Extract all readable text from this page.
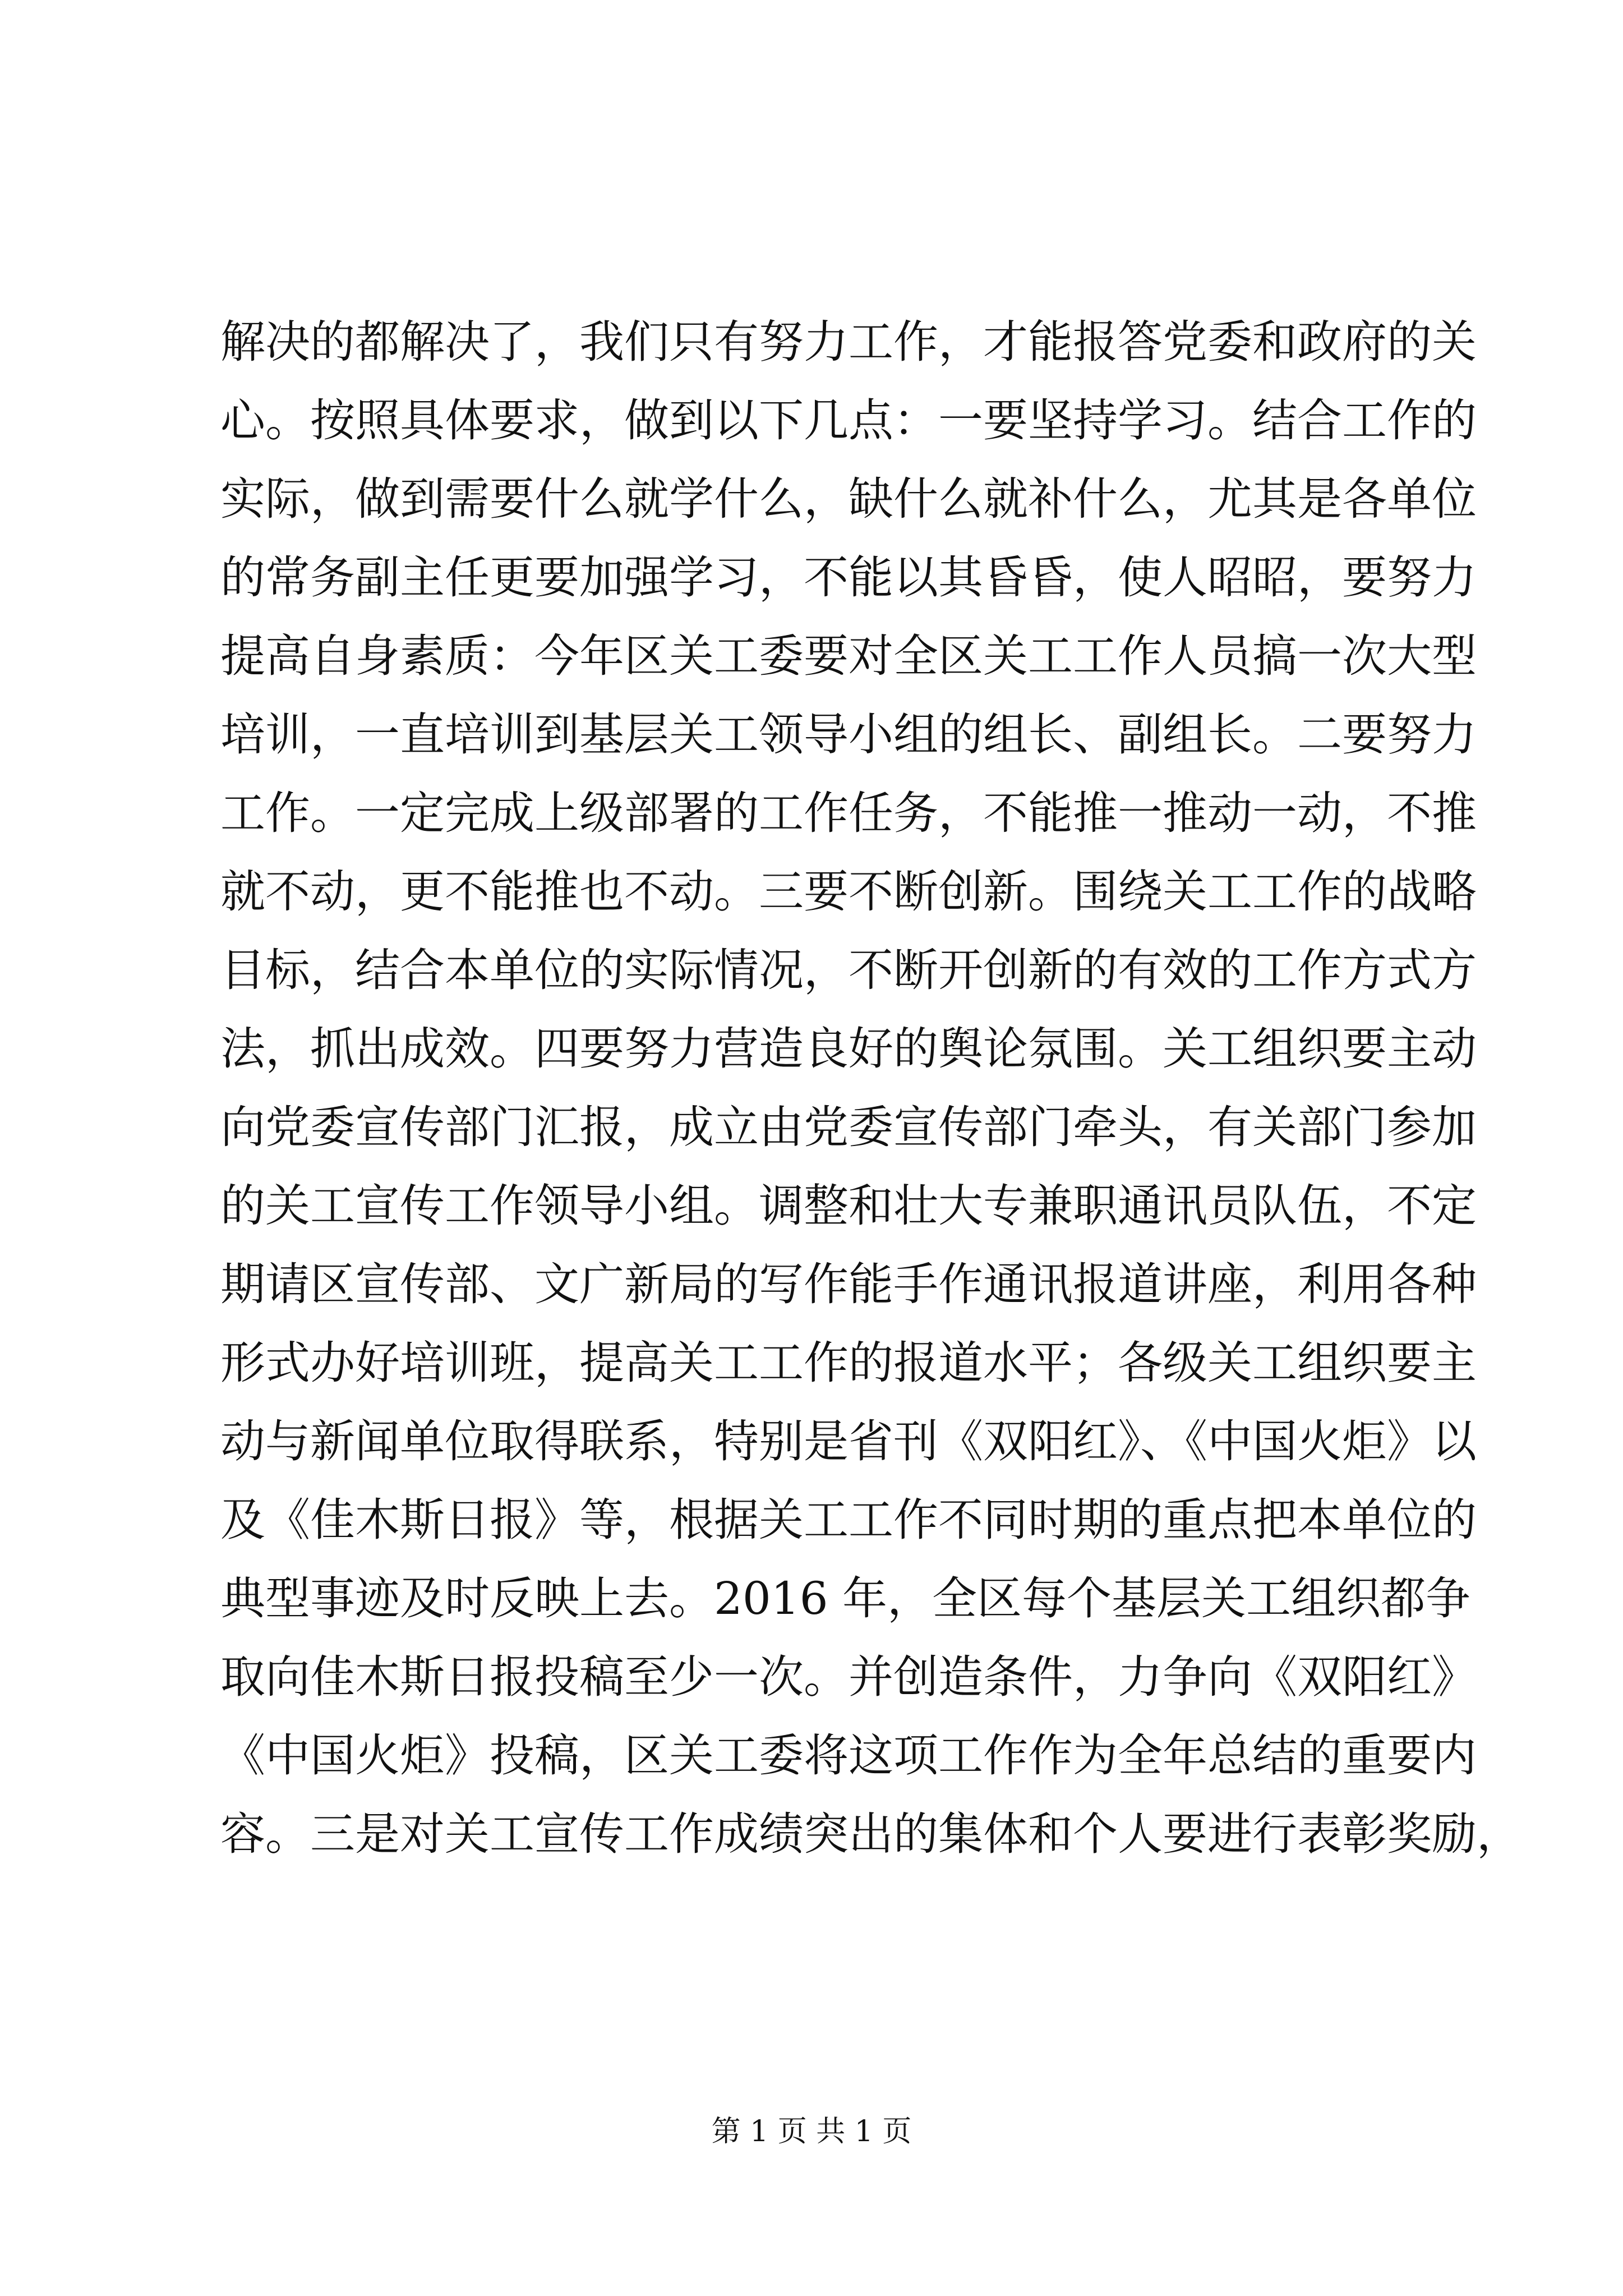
解决的都解决了，我们只有努力工作，才能报答党委和政府的关
心。按照具体要求，做到以下几点：一要坚持学习。结合工作的
实际，做到需要什么就学什么，缺什么就补什么，尤其是各单位
的常务副主任更要加强学习，不能以其昏昏，使人昭昭，要努力
提高自身素质：今年区关工委要对全区关工工作人员搞一次大型
培训，一直培训到基层关工领导小组的组长、副组长。二要努力
工作。一定完成上级部署的工作任务，不能推一推动一动，不推
就不动，更不能推也不动。三要不断创新。围绕关工工作的战略
目标，结合本单位的实际情况，不断开创新的有效的工作方式方
法，抓出成效。四要努力营造良好的舆论氛围。关工组织要主动
向党委宣传部门汇报，成立由党委宣传部门牵头，有关部门参加
的关工宣传工作领导小组。调整和壮大专兼职通讯员队伍，不定
期请区宣传部、文广新局的写作能手作通讯报道讲座，利用各种
形式办好培训班，提高关工工作的报道水平；各级关工组织要主
动与新闻单位取得联系，特别是省刊《双阳红》、《中国火炬》以
及《佳木斯日报》等，根据关工工作不同时期的重点把本单位的
典型事迹及时反映上去。2016 年，全区每个基层关工组织都争
取向佳木斯日报投稿至少一次。并创造条件，力争向《双阳红》
《中国火炬》投稿，区关工委将这项工作作为全年总结的重要内
容。三是对关工宣传工作成绩突出的集体和个人要进行表彰奖励，
第 1 页 共 1 页
